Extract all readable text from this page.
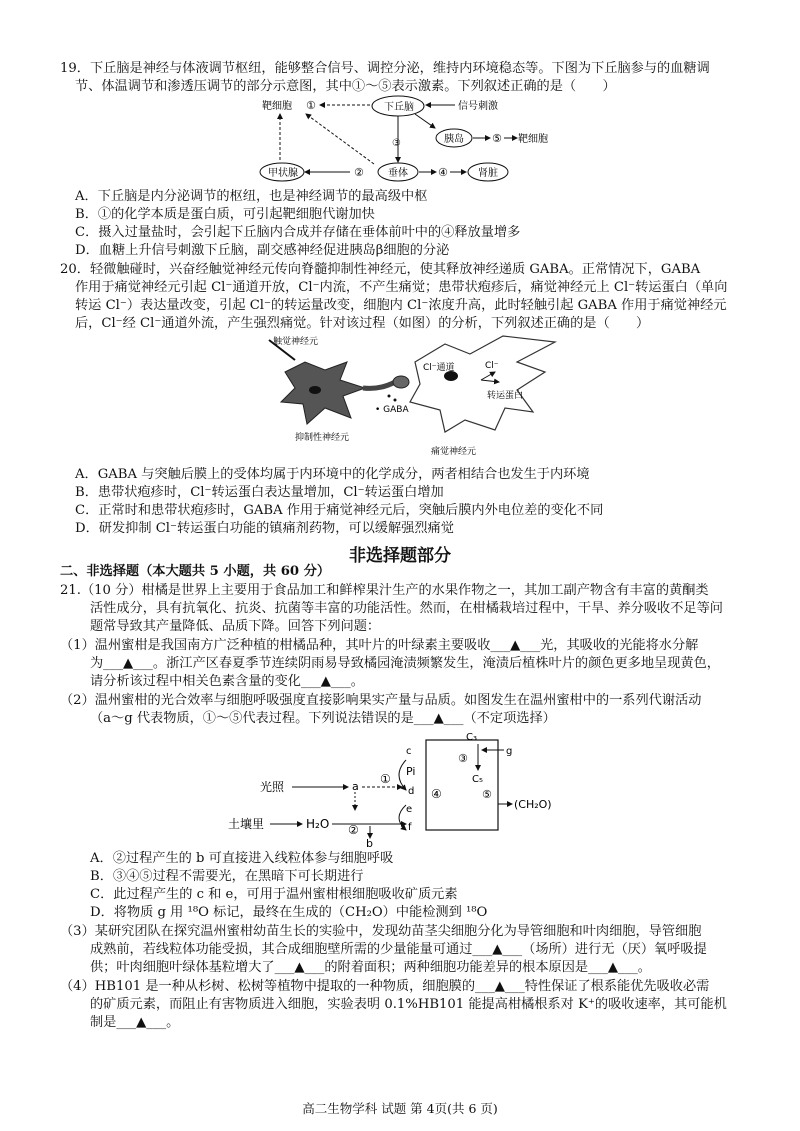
19．下丘脑是神经与体液调节枢纽，能够整合信号、调控分泌，维持内环境稳态等。下图为下丘脑参与的血糖调
节、体温调节和渗透压调节的部分示意图，其中①～⑤表示激素。下列叙述正确的是（　　）
靶细胞 ①	下丘脑	信号刺激
胰岛	⑤ 靶细胞
③
甲状腺	② 垂体	④	肾脏
A．下丘脑是内分泌调节的枢纽，也是神经调节的最高级中枢
B．①的化学本质是蛋白质，可引起靶细胞代谢加快
C．摄入过量盐时，会引起下丘脑内合成并存储在垂体前叶中的④释放量增多
D．血糖上升信号刺激下丘脑，副交感神经促进胰岛β细胞的分泌
20．轻微触碰时，兴奋经触觉神经元传向脊髓抑制性神经元，使其释放神经递质 GABA。正常情况下，GABA
作用于痛觉神经元引起 Cl⁻通道开放，Cl⁻内流，不产生痛觉；患带状疱疹后，痛觉神经元上 Cl⁻转运蛋白（单向
转运 Cl⁻）表达量改变，引起 Cl⁻的转运量改变，细胞内 Cl⁻浓度升高，此时轻触引起 GABA 作用于痛觉神经元
后，Cl⁻经 Cl⁻通道外流，产生强烈痛觉。针对该过程（如图）的分析，下列叙述正确的是（　　）
触觉神经元
抑制性神经元
• GABA
Cl⁻通道	Cl⁻
转运蛋白
痛觉神经元
A．GABA 与突触后膜上的受体均属于内环境中的化学成分，两者相结合也发生于内环境
B．患带状疱疹时，Cl⁻转运蛋白表达量增加，Cl⁻转运蛋白增加
C．正常时和患带状疱疹时，GABA 作用于痛觉神经元后，突触后膜内外电位差的变化不同
D．研发抑制 Cl⁻转运蛋白功能的镇痛剂药物，可以缓解强烈痛觉
非选择题部分
二、非选择题（本大题共 5 小题，共 60 分）
21.（10 分）柑橘是世界上主要用于食品加工和鲜榨果汁生产的水果作物之一，其加工副产物含有丰富的黄酮类
活性成分，具有抗氧化、抗炎、抗菌等丰富的功能活性。然而，在柑橘栽培过程中，干旱、养分吸收不足等问
题常导致其产量降低、品质下降。回答下列问题：
（1）温州蜜柑是我国南方广泛种植的柑橘品种，其叶片的叶绿素主要吸收___▲___光，其吸收的光能将水分解
为___▲___。浙江产区春夏季节连续阴雨易导致橘园淹渍频繁发生，淹渍后植株叶片的颜色更多地呈现黄色，
请分析该过程中相关色素含量的变化___▲___。
（2）温州蜜柑的光合效率与细胞呼吸强度直接影响果实产量与品质。如图发生在温州蜜柑中的一系列代谢活动
（a～g 代表物质，①～⑤代表过程。下列说法错误的是___▲___（不定项选择）
光照	a
土壤里	H₂O ②
b
①
c
Pi
d
e
f
④
C₃
g
③
C₅
⑤
(CH₂O)
A．②过程产生的 b 可直接进入线粒体参与细胞呼吸
B．③④⑤过程不需要光，在黑暗下可长期进行
C．此过程产生的 c 和 e，可用于温州蜜柑根细胞吸收矿质元素
D．将物质 g 用 ¹⁸O 标记，最终在生成的（CH₂O）中能检测到 ¹⁸O
（3）某研究团队在探究温州蜜柑幼苗生长的实验中，发现幼苗茎尖细胞分化为导管细胞和叶肉细胞，导管细胞
成熟前，若线粒体功能受损，其合成细胞壁所需的少量能量可通过___▲___（场所）进行无（厌）氧呼吸提
供；叶肉细胞叶绿体基粒增大了___▲___的附着面积；两种细胞功能差异的根本原因是___▲___。
（4）HB101 是一种从杉树、松树等植物中提取的一种物质，细胞膜的___▲___特性保证了根系能优先吸收必需
的矿质元素，而阻止有害物质进入细胞，实验表明 0.1%HB101 能提高柑橘根系对 K⁺的吸收速率，其可能机
制是___▲___。
高二生物学科 试题 第 4页(共 6 页)
